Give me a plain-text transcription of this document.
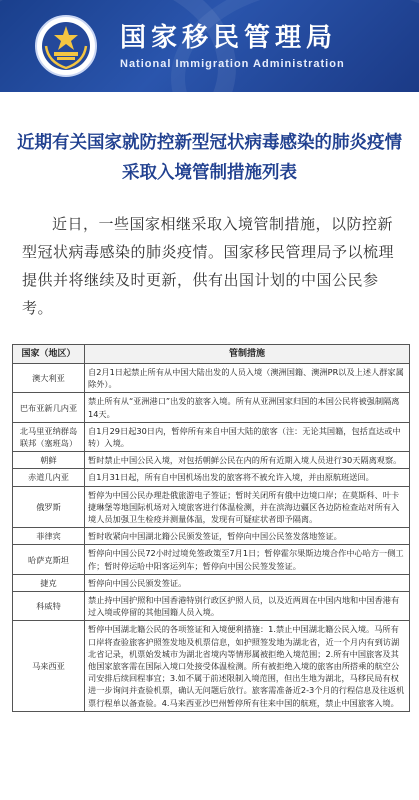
国家移民管理局
National Immigration Administration
近期有关国家就防控新型冠状病毒感染的肺炎疫情
采取入境管制措施列表

近日，一些国家相继采取入境管制措施，以防控新型冠状病毒感染的肺炎疫情。国家移民管理局予以梳理提供并将继续及时更新，供有出国计划的中国公民参考。

国家（地区）	管制措施
澳大利亚	自2月1日起禁止所有从中国大陆出发的人员入境（澳洲国籍、澳洲PR以及上述人群家属除外）。
巴布亚新几内亚	禁止所有从“亚洲港口”出发的旅客入境。所有从亚洲国家归国的本国公民将被强制隔离14天。
北马里亚纳群岛联邦（塞班岛）	自1月29日起30日内，暂停所有来自中国大陆的旅客（注：无论其国籍，包括直达或中转）入境。
朝鲜	暂时禁止中国公民入境，对包括朝鲜公民在内的所有近期入境人员进行30天隔离观察。
赤道几内亚	自1月31日起，所有自中国机场出发的旅客将不被允许入境，并由原航班送回。
俄罗斯	暂停为中国公民办理赴俄旅游电子签证；暂时关闭所有俄中边境口岸；在莫斯科、叶卡捷琳堡等地国际机场对入境旅客进行体温检测，并在滨海边疆区各边防检查站对所有入境人员加强卫生检疫并测量体温，发现有可疑症状者即予隔离。
菲律宾	暂时收紧向中国湖北籍公民颁发签证，暂停向中国公民签发落地签证。
哈萨克斯坦	暂停向中国公民72小时过境免签政策至7月1日；暂停霍尔果斯边境合作中心哈方一侧工作；暂时停运哈中阳客运列车；暂停向中国公民签发签证。
捷克	暂停向中国公民颁发签证。
科威特	禁止持中国护照和中国香港特别行政区护照人员，以及近两周在中国内地和中国香港有过入境或停留的其他国籍人员入境。
马来西亚	暂停中国湖北籍公民的各项签证和入境便利措施：1.禁止中国湖北籍公民入境。马所有口岸将查验旅客护照签发地及机票信息，如护照签发地为湖北省，近一个月内有到访湖北省记录，机票始发城市为湖北省境内等情形属被拒绝入境范围；2.所有中国旅客及其他国家旅客需在国际入境口处接受体温检测。所有被拒绝入境的旅客由所搭乘的航空公司安排后续回程事宜；3.如不属于前述限制入境范围，但出生地为湖北，马移民局有权进一步询问并查验机票，确认无问题后放行。旅客需准备近2-3个月的行程信息及往返机票行程单以备查验。4.马来西亚沙巴州暂停所有往来中国的航班，禁止中国旅客入境。
